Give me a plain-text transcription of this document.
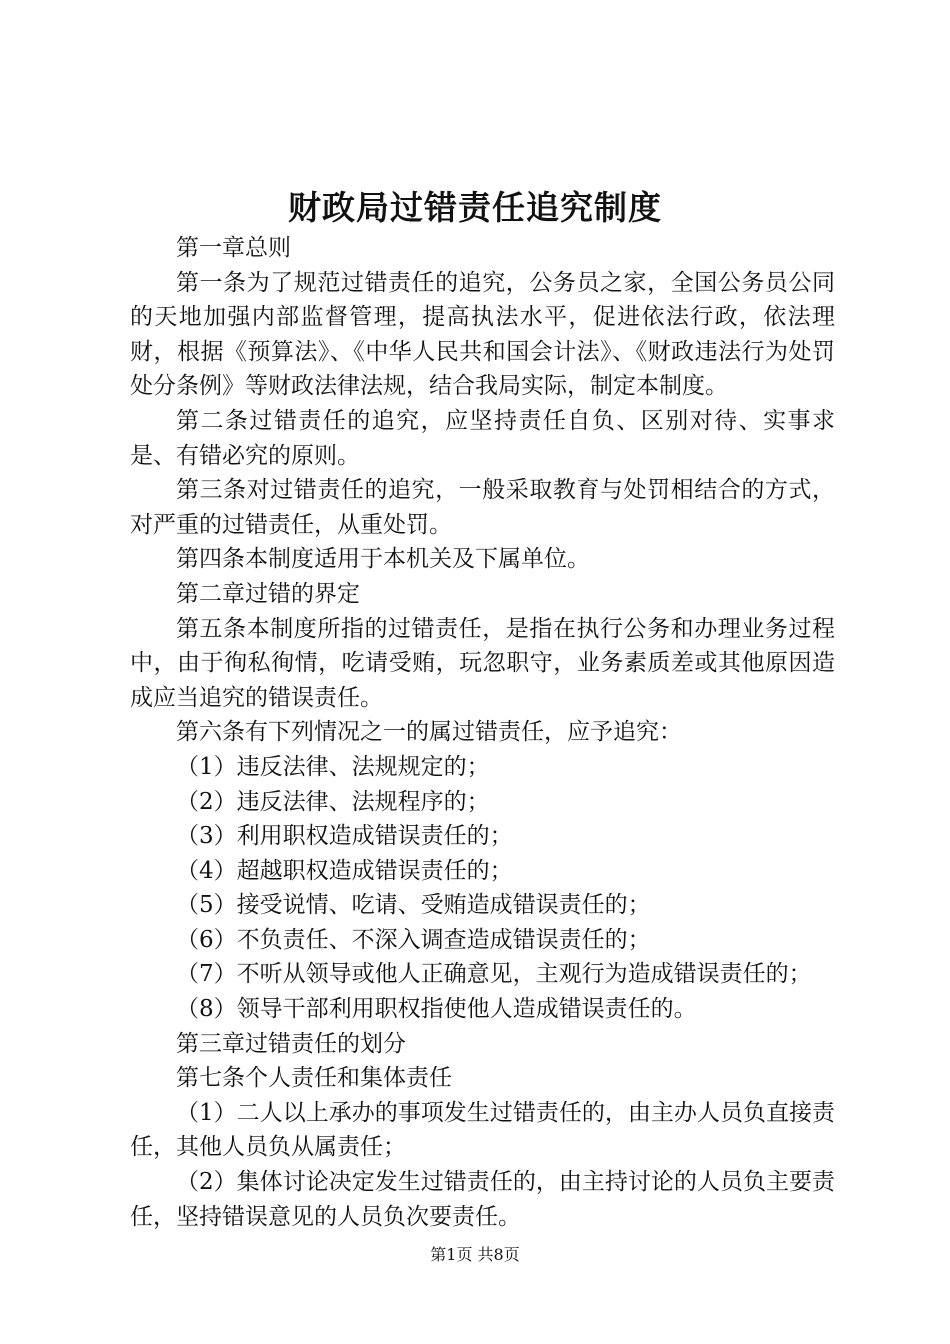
财政局过错责任追究制度

第一章总则

第一条为了规范过错责任的追究，公务员之家，全国公务员公同的天地加强内部监督管理，提高执法水平，促进依法行政，依法理财，根据《预算法》、《中华人民共和国会计法》、《财政违法行为处罚处分条例》等财政法律法规，结合我局实际，制定本制度。

第二条过错责任的追究，应坚持责任自负、区别对待、实事求是、有错必究的原则。

第三条对过错责任的追究，一般采取教育与处罚相结合的方式，对严重的过错责任，从重处罚。

第四条本制度适用于本机关及下属单位。

第二章过错的界定

第五条本制度所指的过错责任，是指在执行公务和办理业务过程中，由于徇私徇情，吃请受贿，玩忽职守，业务素质差或其他原因造成应当追究的错误责任。

第六条有下列情况之一的属过错责任，应予追究：

（1）违反法律、法规规定的；

（2）违反法律、法规程序的；

（3）利用职权造成错误责任的；

（4）超越职权造成错误责任的；

（5）接受说情、吃请、受贿造成错误责任的；

（6）不负责任、不深入调查造成错误责任的；

（7）不听从领导或他人正确意见，主观行为造成错误责任的；

（8）领导干部利用职权指使他人造成错误责任的。

第三章过错责任的划分

第七条个人责任和集体责任

（1）二人以上承办的事项发生过错责任的，由主办人员负直接责任，其他人员负从属责任；

（2）集体讨论决定发生过错责任的，由主持讨论的人员负主要责任，坚持错误意见的人员负次要责任。

第1页 共8页
